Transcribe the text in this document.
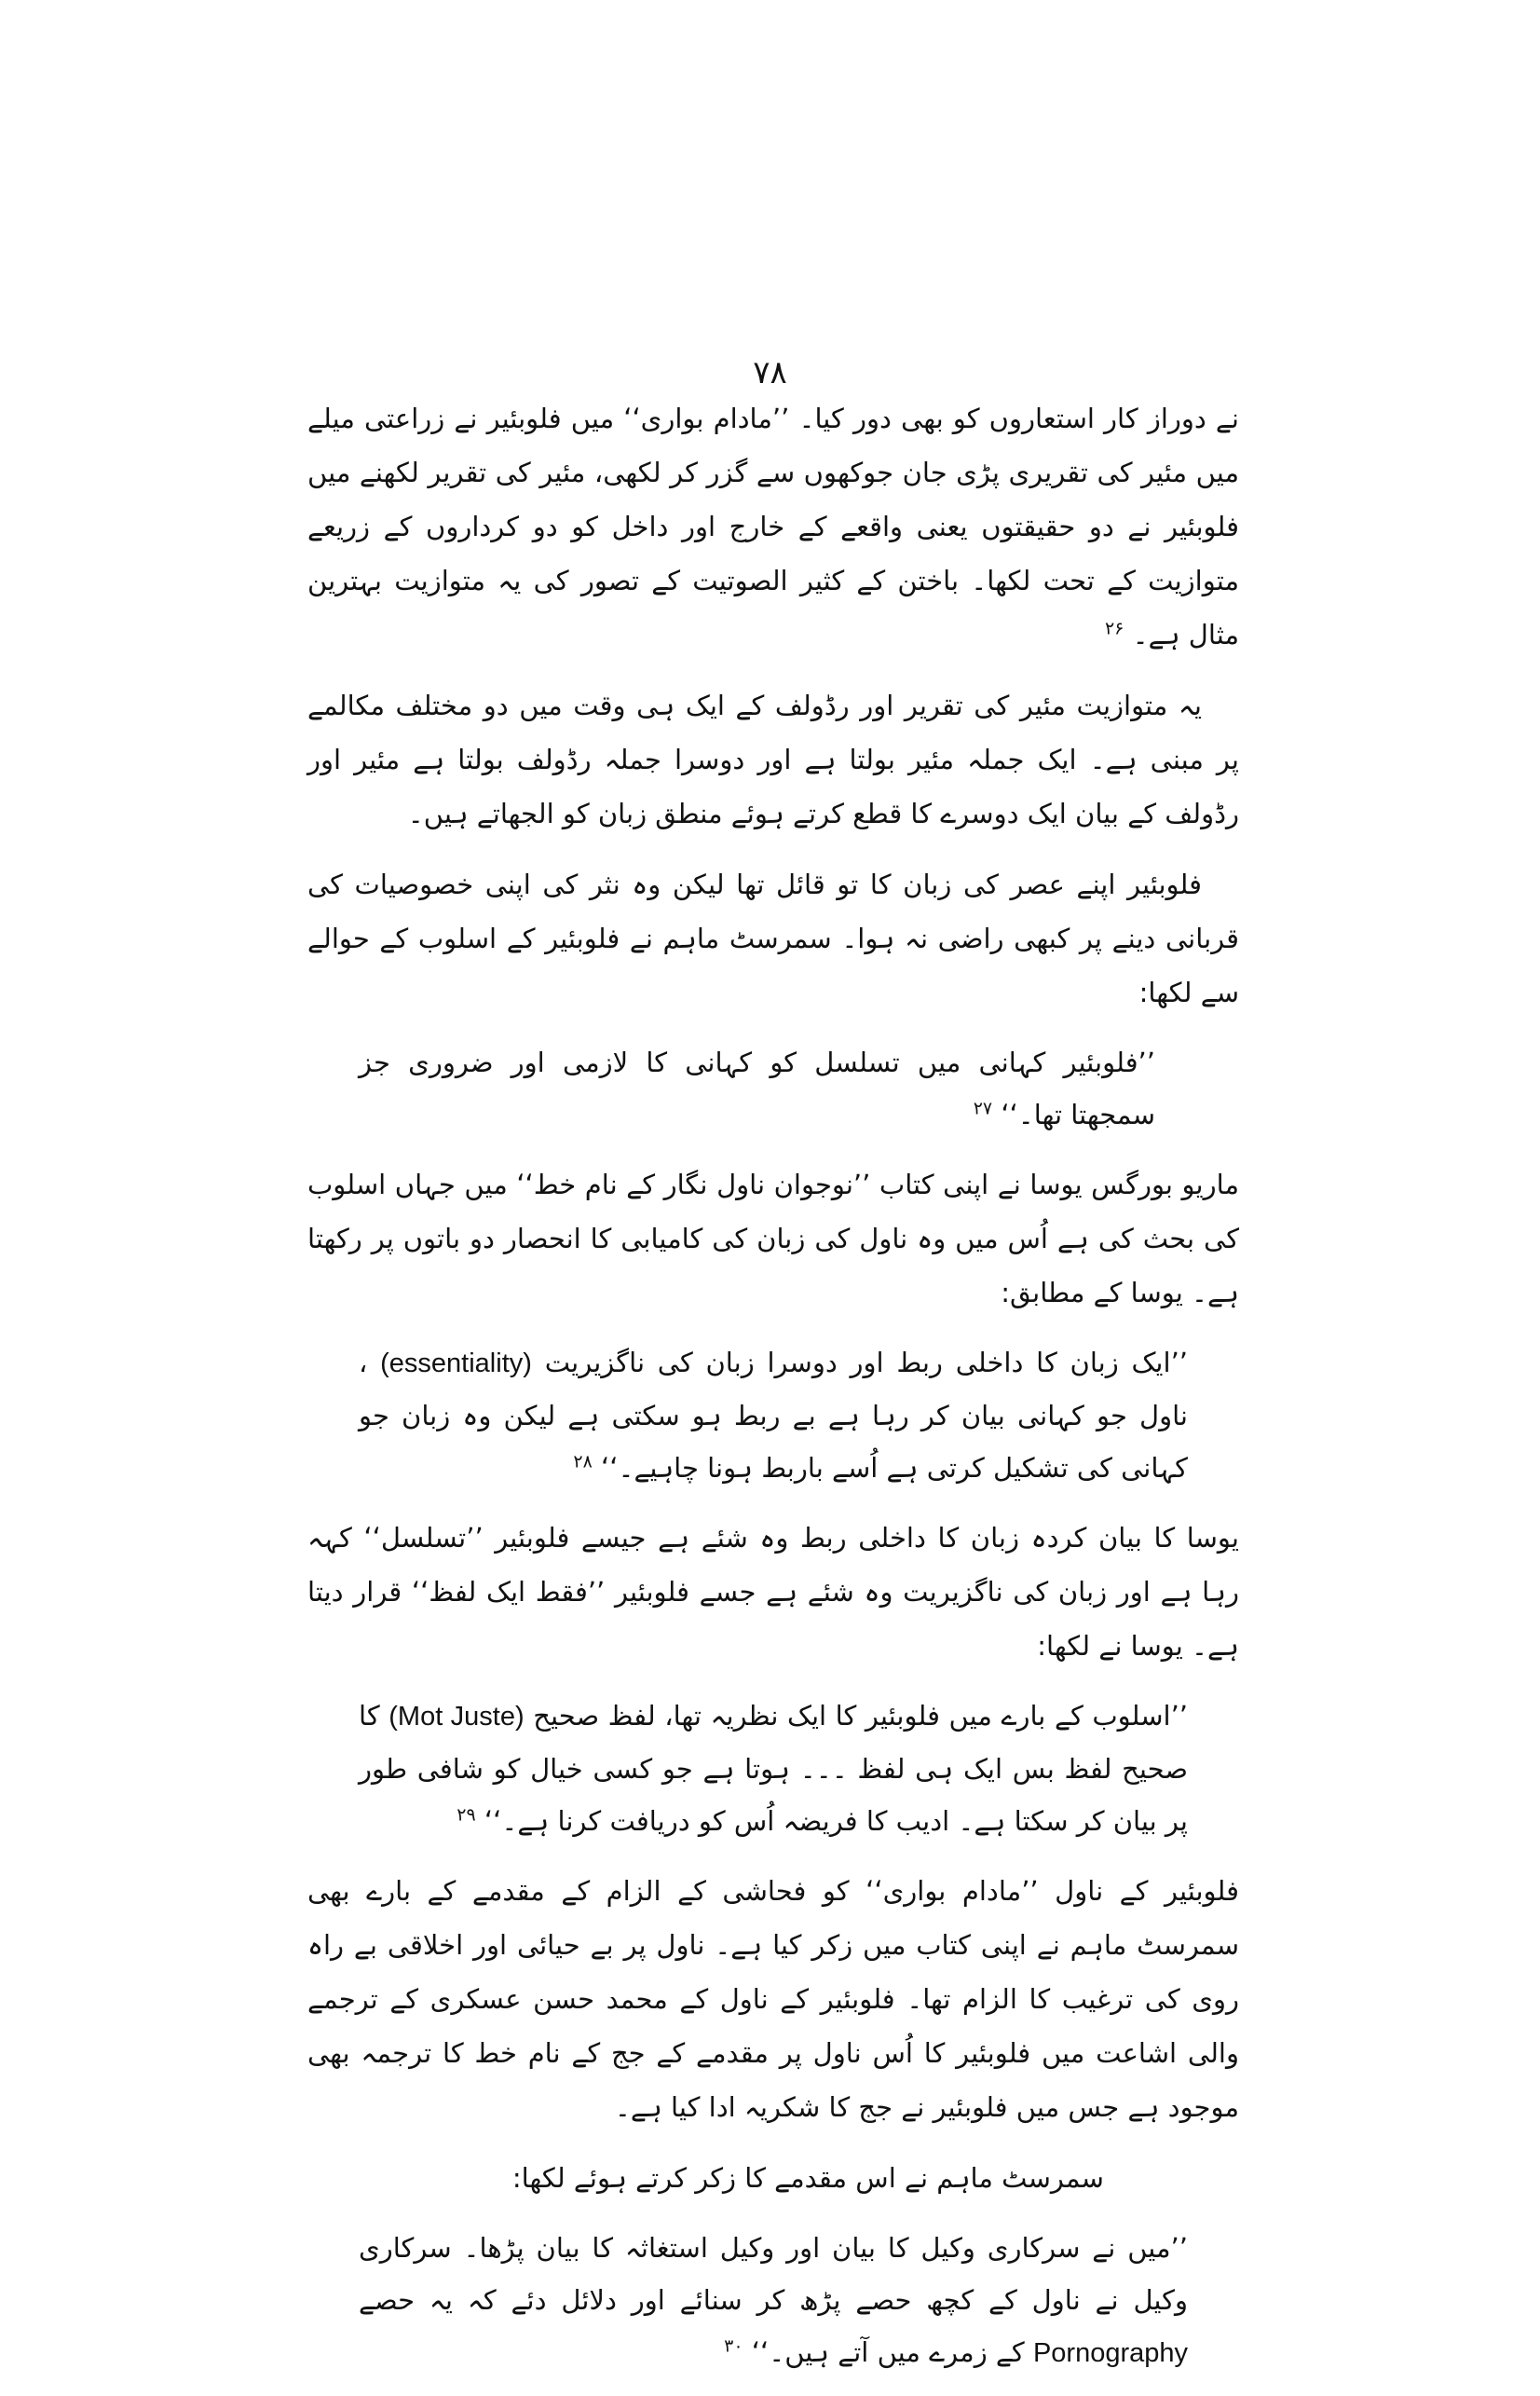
۷۸

نے دوراز کار استعاروں کو بھی دور کیا۔ ’’مادام بواری‘‘ میں فلوبئیر نے زراعتی میلے میں مئیر کی تقریری پڑی جان جوکھوں سے گزر کر لکھی، مئیر کی تقریر لکھنے میں فلوبئیر نے دو حقیقتوں یعنی واقعے کے خارج اور داخل کو دو کرداروں کے زریعے متوازیت کے تحت لکھا۔ باختن کے کثیر الصوتیت کے تصور کی یہ متوازیت بہترین مثال ہے۔ $^{۲۶}$

یہ متوازیت مئیر کی تقریر اور رڈولف کے ایک ہی وقت میں دو مختلف مکالمے پر مبنی ہے۔ ایک جملہ مئیر بولتا ہے اور دوسرا جملہ رڈولف بولتا ہے مئیر اور رڈولف کے بیان ایک دوسرے کا قطع کرتے ہوئے منطق زبان کو الجھاتے ہیں۔

فلوبئیر اپنے عصر کی زبان کا تو قائل تھا لیکن وہ نثر کی اپنی خصوصیات کی قربانی دینے پر کبھی راضی نہ ہوا۔ سمرسٹ ماہم نے فلوبئیر کے اسلوب کے حوالے سے لکھا:

’’فلوبئیر کہانی میں تسلسل کو کہانی کا لازمی اور ضروری جز سمجھتا تھا۔‘‘ $^{۲۷}$

ماریو بورگس یوسا نے اپنی کتاب ’’نوجوان ناول نگار کے نام خط‘‘ میں جہاں اسلوب کی بحث کی ہے اُس میں وہ ناول کی زبان کی کامیابی کا انحصار دو باتوں پر رکھتا ہے۔ یوسا کے مطابق:

’’ایک زبان کا داخلی ربط اور دوسرا زبان کی ناگزیریت (essentiality) ، ناول جو کہانی بیان کر رہا ہے بے ربط ہو سکتی ہے لیکن وہ زبان جو کہانی کی تشکیل کرتی ہے اُسے باربط ہونا چاہیے۔‘‘ $^{۲۸}$

یوسا کا بیان کردہ زبان کا داخلی ربط وہ شئے ہے جیسے فلوبئیر ’’تسلسل‘‘ کہہ رہا ہے اور زبان کی ناگزیریت وہ شئے ہے جسے فلوبئیر ’’فقط ایک لفظ‘‘ قرار دیتا ہے۔ یوسا نے لکھا:

’’اسلوب کے بارے میں فلوبئیر کا ایک نظریہ تھا، لفظ صحیح (Mot Juste) کا صحیح لفظ بس ایک ہی لفظ ۔۔۔ ہوتا ہے جو کسی خیال کو شافی طور پر بیان کر سکتا ہے۔ ادیب کا فریضہ اُس کو دریافت کرنا ہے۔‘‘ $^{۲۹}$

فلوبئیر کے ناول ’’مادام بواری‘‘ کو فحاشی کے الزام کے مقدمے کے بارے بھی سمرسٹ ماہم نے اپنی کتاب میں زکر کیا ہے۔ ناول پر بے حیائی اور اخلاقی بے راہ روی کی ترغیب کا الزام تھا۔ فلوبئیر کے ناول کے محمد حسن عسکری کے ترجمے والی اشاعت میں فلوبئیر کا اُس ناول پر مقدمے کے جج کے نام خط کا ترجمہ بھی موجود ہے جس میں فلوبئیر نے جج کا شکریہ ادا کیا ہے۔

سمرسٹ ماہم نے اس مقدمے کا زکر کرتے ہوئے لکھا:

’’میں نے سرکاری وکیل کا بیان اور وکیل استغاثہ کا بیان پڑھا۔ سرکاری وکیل نے ناول کے کچھ حصے پڑھ کر سنائے اور دلائل دئے کہ یہ حصے Pornography کے زمرے میں آتے ہیں۔‘‘ $^{۳۰}$
